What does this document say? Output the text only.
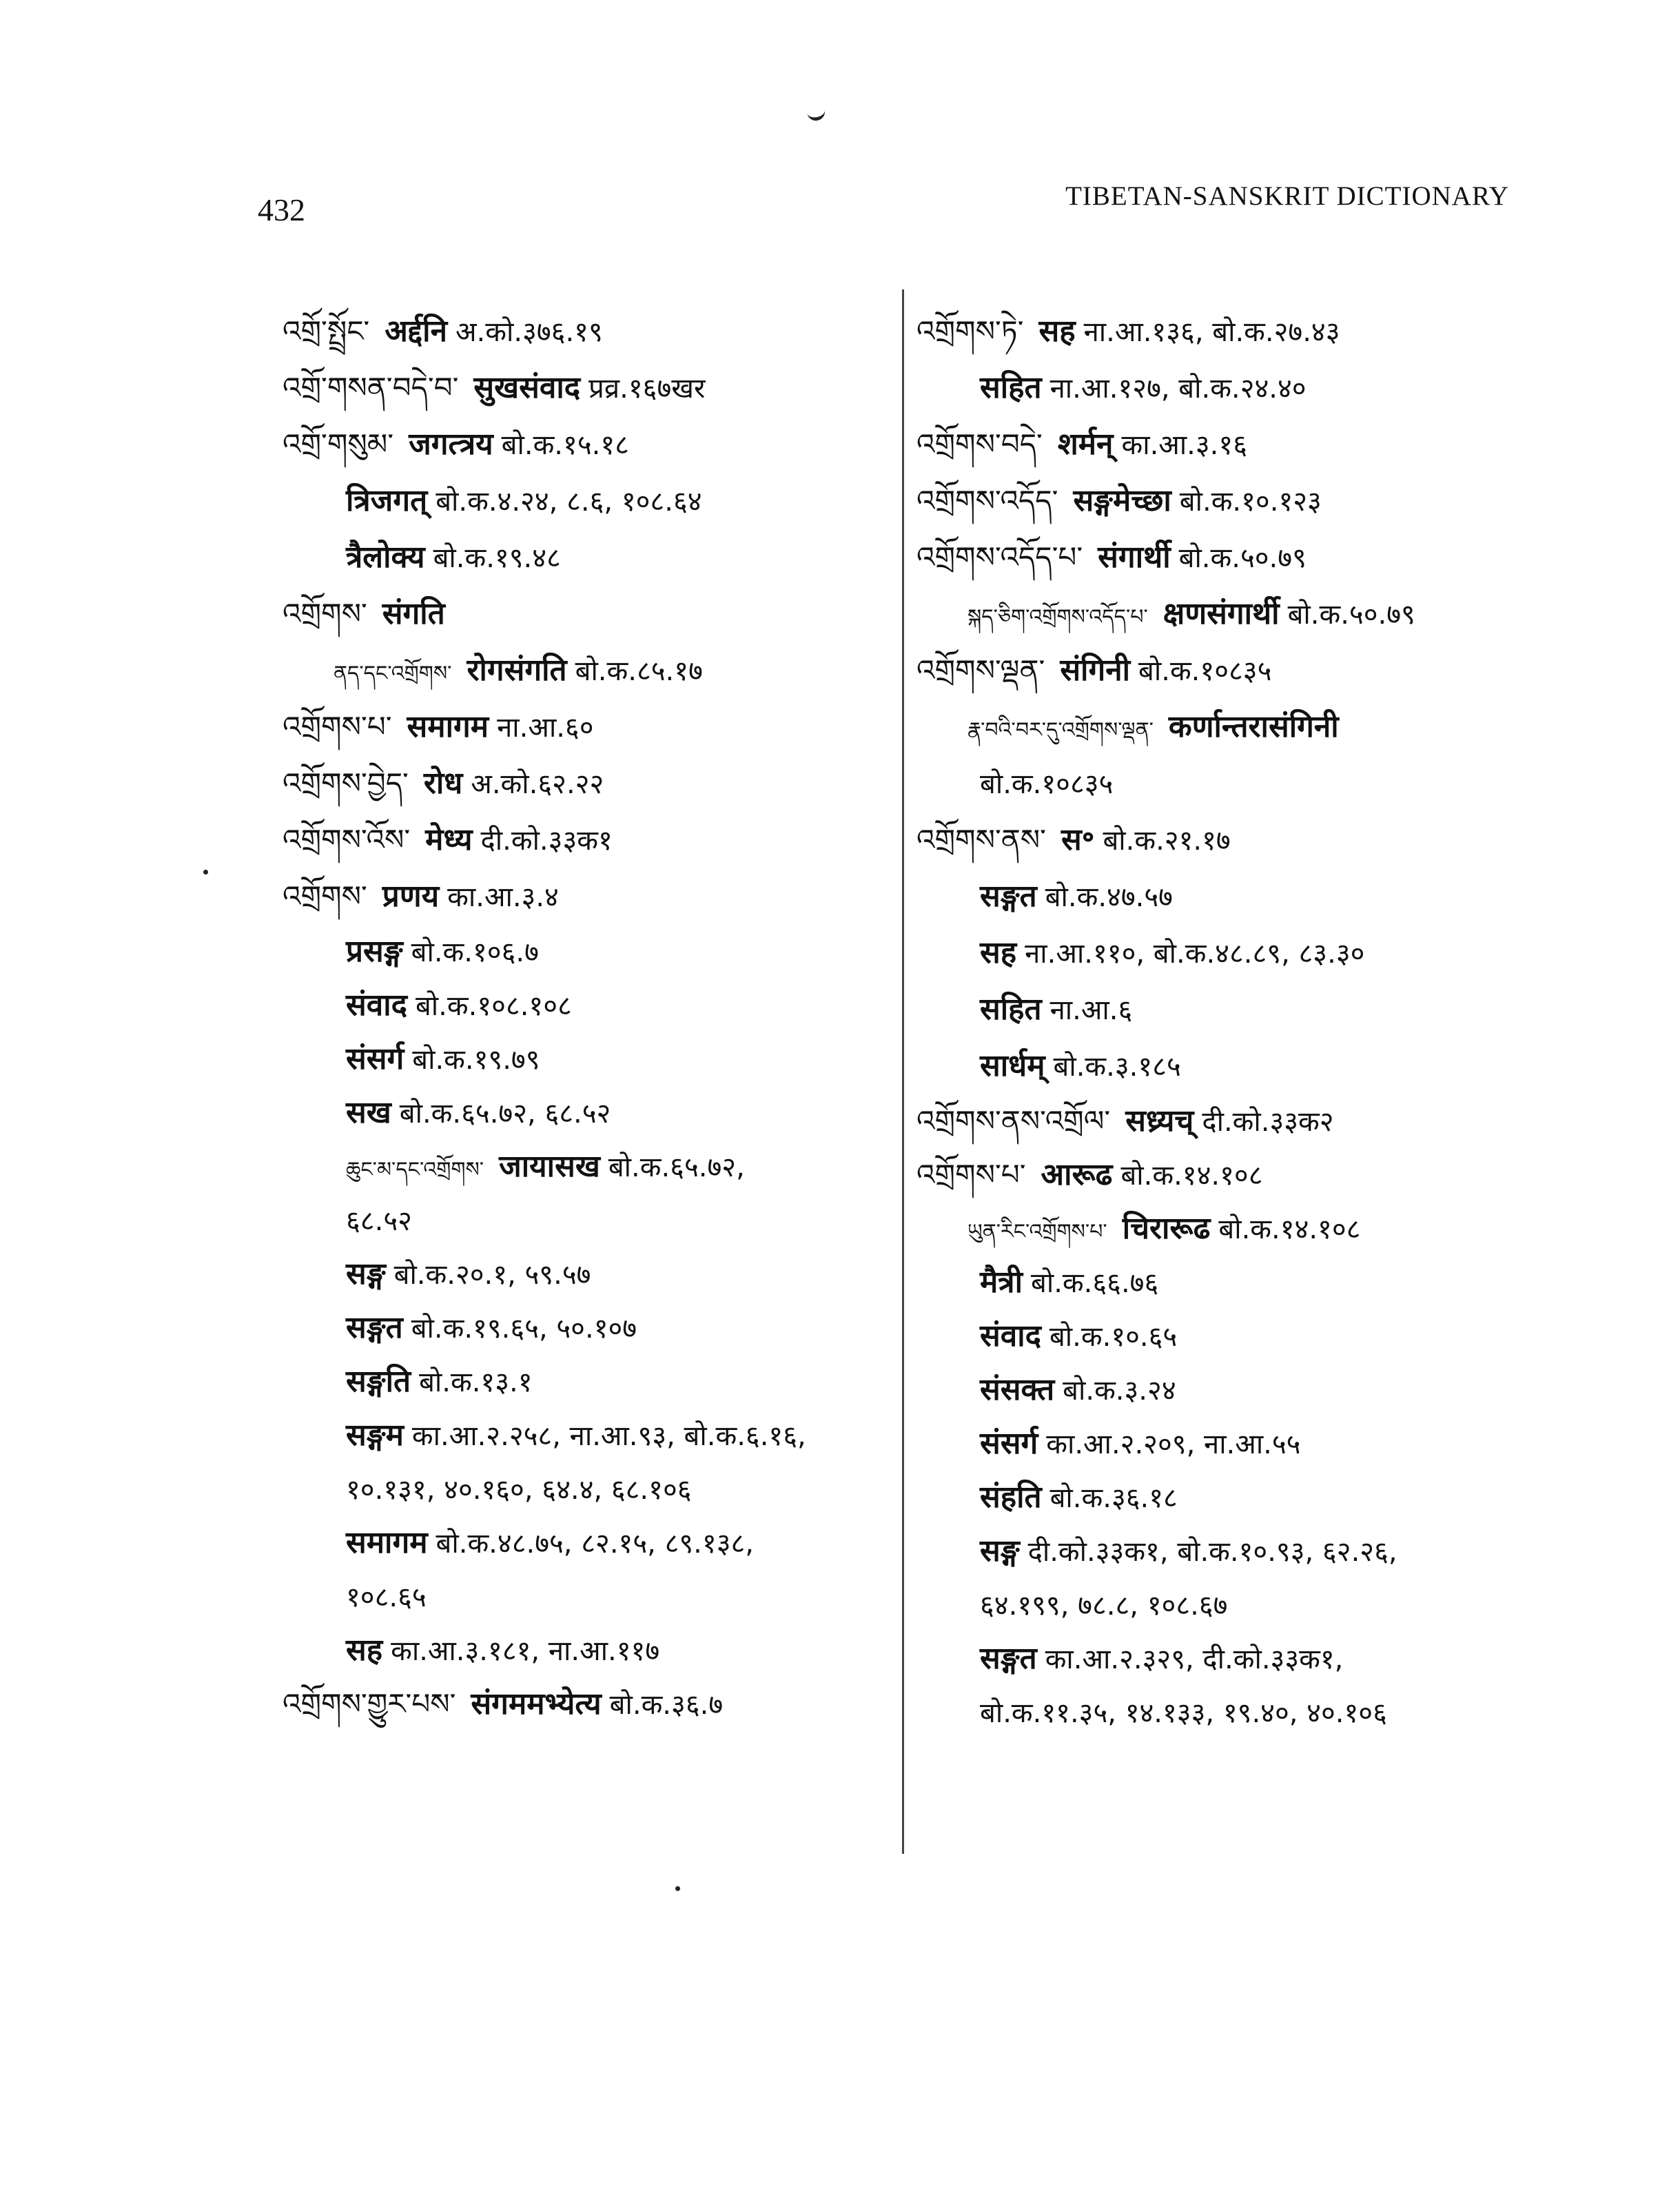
432	TIBETAN-SANSKRIT DICTIONARY
འགྲོ་སྤྲོང་ अर्द्दनि अ.को.३७६.१९
འགྲོ་གསན་བདེ་བ་ सुखसंवाद प्रव्र.१६७खर
འགྲོ་གསུམ་ जगत्त्रय बो.क.१५.१८
त्रिजगत् बो.क.४.२४, ८.६, १०८.६४
त्रैलोक्य बो.क.१९.४८
འགྲོགས་ संगति
ནད་དང་འགྲོགས་ रोगसंगति बो.क.८५.१७
འགྲོགས་པ་ समागम ना.आ.६०
འགྲོགས་བྱེད་ रोध अ.को.६२.२२
འགྲོགས་འོས་ मेध्य दी.को.३३क१
འགྲོགས་ प्रणय का.आ.३.४
प्रसङ्ग बो.क.१०६.७
संवाद बो.क.१०८.१०८
संसर्ग बो.क.१९.७९
सख बो.क.६५.७२, ६८.५२
ཆུང་མ་དང་འགྲོགས་ जायासख बो.क.६५.७२,
६८.५२
सङ्ग बो.क.२०.१, ५९.५७
सङ्गत बो.क.१९.६५, ५०.१०७
सङ्गति बो.क.१३.१
सङ्गम का.आ.२.२५८, ना.आ.९३, बो.क.६.१६,
१०.१३१, ४०.१६०, ६४.४, ६८.१०६
समागम बो.क.४८.७५, ८२.१५, ८९.१३८,
१०८.६५
सह का.आ.३.१८१, ना.आ.११७
འགྲོགས་གྱུར་པས་ संगममभ्येत्य बो.क.३६.७
འགྲོགས་ཏེ་ सह ना.आ.१३६, बो.क.२७.४३
सहित ना.आ.१२७, बो.क.२४.४०
འགྲོགས་བདེ་ शर्मन् का.आ.३.१६
འགྲོགས་འདོད་ सङ्गमेच्छा बो.क.१०.१२३
འགྲོགས་འདོད་པ་ संगार्थी बो.क.५०.७९
སྐད་ཅིག་འགྲོགས་འདོད་པ་ क्षणसंगार्थी बो.क.५०.७९
འགྲོགས་ལྡན་ संगिनी बो.क.१०८३५
རྣ་བའི་བར་དུ་འགྲོགས་ལྡན་ कर्णान्तरासंगिनी
बो.क.१०८३५
འགྲོགས་ནས་ स॰ बो.क.२१.१७
सङ्गत बो.क.४७.५७
सह ना.आ.११०, बो.क.४८.८९, ८३.३०
सहित ना.आ.६
सार्धम् बो.क.३.१८५
འགྲོགས་ནས་འགྲོལ་ सध्र्यच् दी.को.३३क२
འགྲོགས་པ་ आरूढ बो.क.१४.१०८
ཡུན་རིང་འགྲོགས་པ་ चिरारूढ बो.क.१४.१०८
मैत्री बो.क.६६.७६
संवाद बो.क.१०.६५
संसक्त बो.क.३.२४
संसर्ग का.आ.२.२०९, ना.आ.५५
संहति बो.क.३६.१८
सङ्ग दी.को.३३क१, बो.क.१०.९३, ६२.२६,
६४.१९९, ७८.८, १०८.६७
सङ्गत का.आ.२.३२९, दी.को.३३क१,
बो.क.११.३५, १४.१३३, १९.४०, ४०.१०६
